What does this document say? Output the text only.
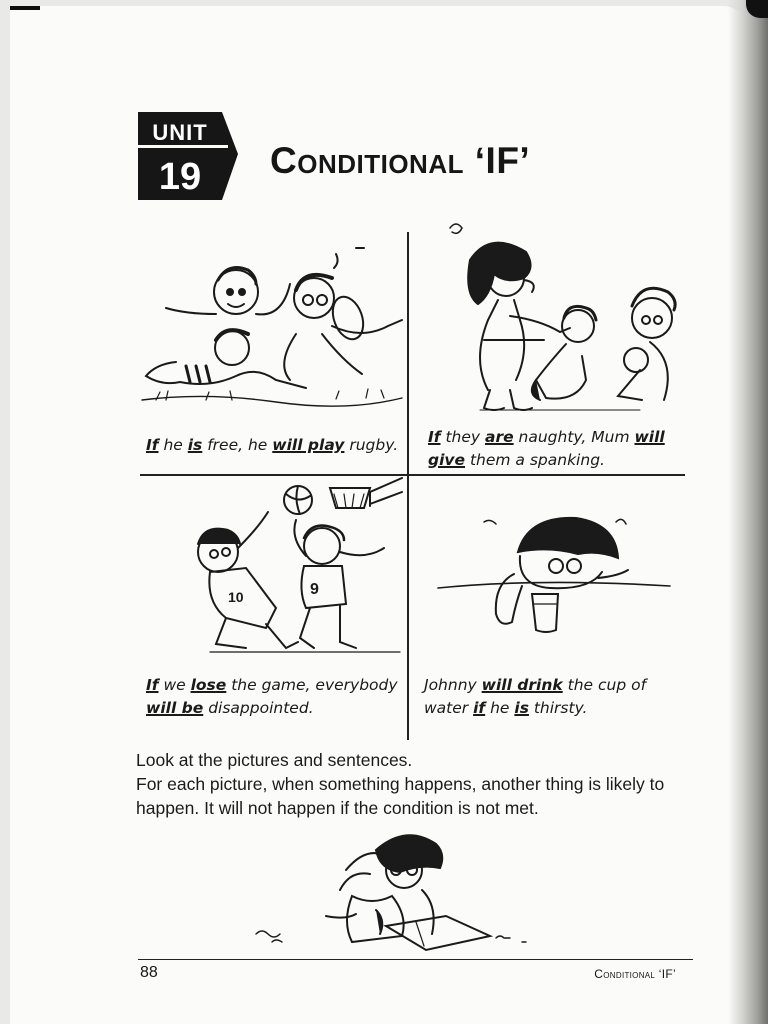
UNIT
19	Conditional ‘IF’
10	9

If he is free, he will play rugby.	If they are naughty, Mum will give them a spanking.

If we lose the game, everybody will be disappointed.

Johnny will drink the cup of water if he is thirsty.

Look at the pictures and sentences.

For each picture, when something happens, another thing is likely to happen. It will not happen if the condition is not met.

88	Conditional ‘IF’
